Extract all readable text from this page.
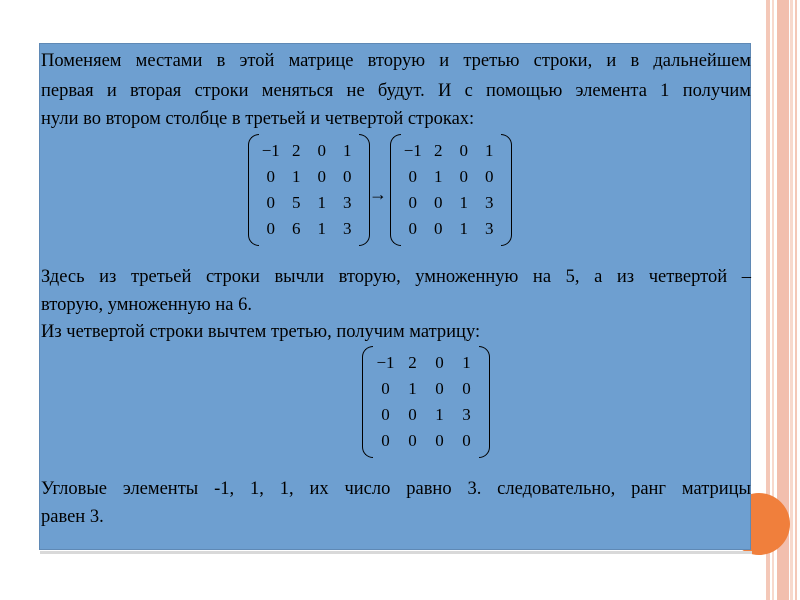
Поменяем местами в этой матрице вторую и третью строки, и в дальнейшем
первая и вторая строки меняться не будут. И с помощью элемента 1 получим
нули во втором столбце в третьей и четвертой строках:
−1 2	0	1
0	1	0	0
0	5	1	3
0	6	1	3
→
−1 2	0	1
0	1	0	0
0	0	1	3
0	0	1	3
Здесь из третьей строки вычли вторую, умноженную на 5, а из четвертой –
вторую, умноженную на 6.
Из четвертой строки вычтем третью, получим матрицу:
−1 2	0	1
0	1	0	0
0	0	1	3
0	0	0	0
Угловые элементы -1, 1, 1, их число равно 3. следовательно, ранг матрицы
равен 3.
